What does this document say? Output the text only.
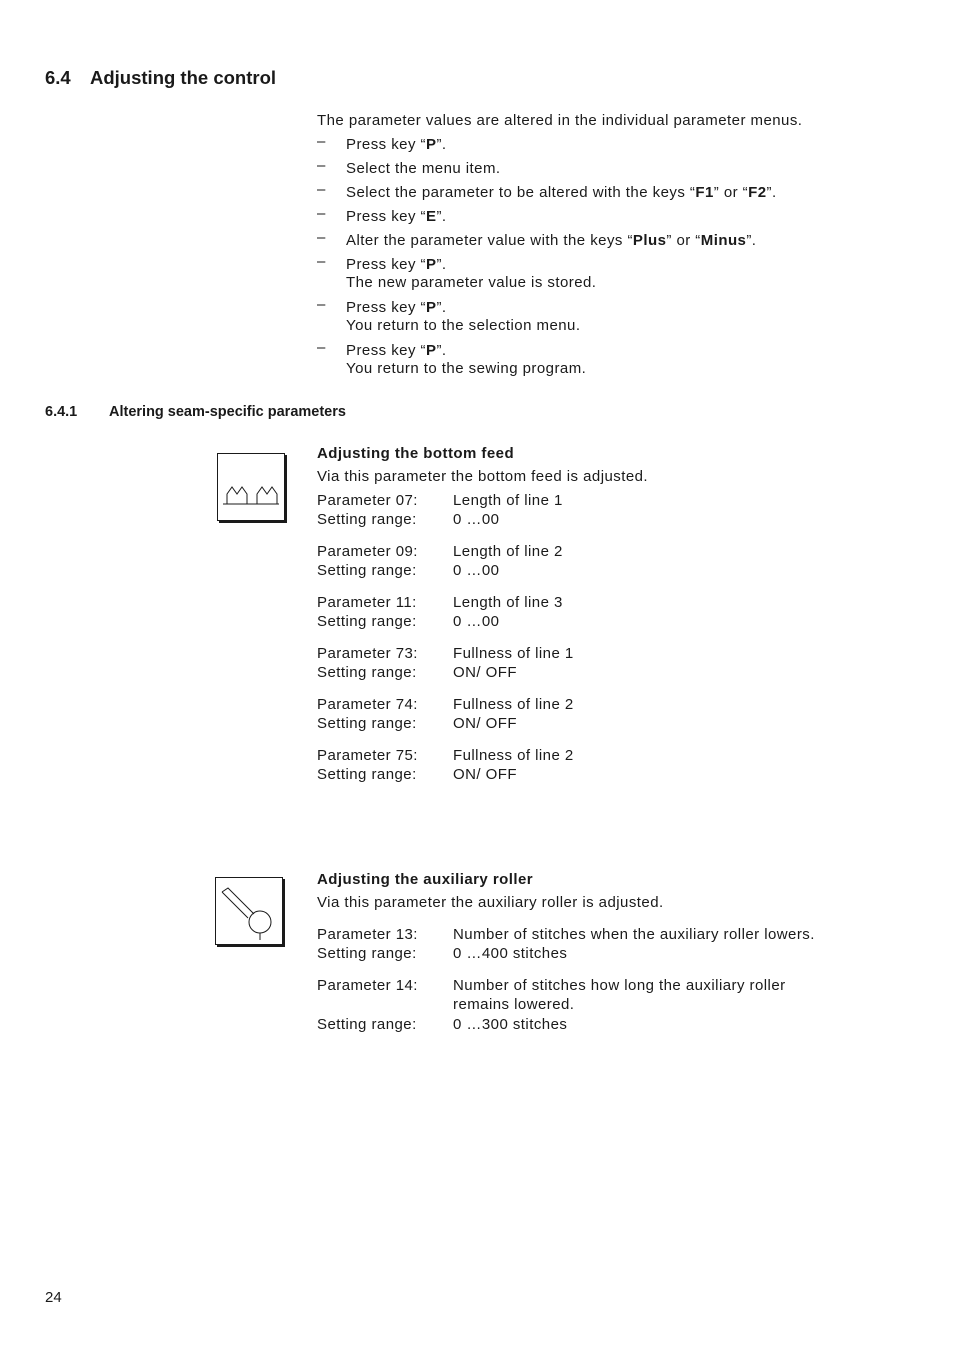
6.4 Adjusting the control
The parameter values are altered in the individual parameter menus.
– Press key “P”.
– Select the menu item.
– Select the parameter to be altered with the keys “F1” or “F2”.
– Press key “E”.
– Alter the parameter value with the keys “Plus” or “Minus”.
– Press key “P”.
The new parameter value is stored.
– Press key “P”.
You return to the selection menu.
– Press key “P”.
You return to the sewing program.
6.4.1 Altering seam-specific parameters
Adjusting the bottom feed
Via this parameter the bottom feed is adjusted.
Parameter 07:	Length of line 1
Setting range:	0 …00
Parameter 09:	Length of line 2
Setting range:	0 …00
Parameter 11:	Length of line 3
Setting range:	0 …00
Parameter 73:	Fullness of line 1
Setting range:	ON/ OFF
Parameter 74:	Fullness of line 2
Setting range:	ON/ OFF
Parameter 75:	Fullness of line 2
Setting range:	ON/ OFF
Adjusting the auxiliary roller
Via this parameter the auxiliary roller is adjusted.
Parameter 13:	Number of stitches when the auxiliary roller lowers.
Setting range:	0 …400 stitches
Parameter 14:	Number of stitches how long the auxiliary roller
remains lowered.
Setting range:	0 …300 stitches
24
